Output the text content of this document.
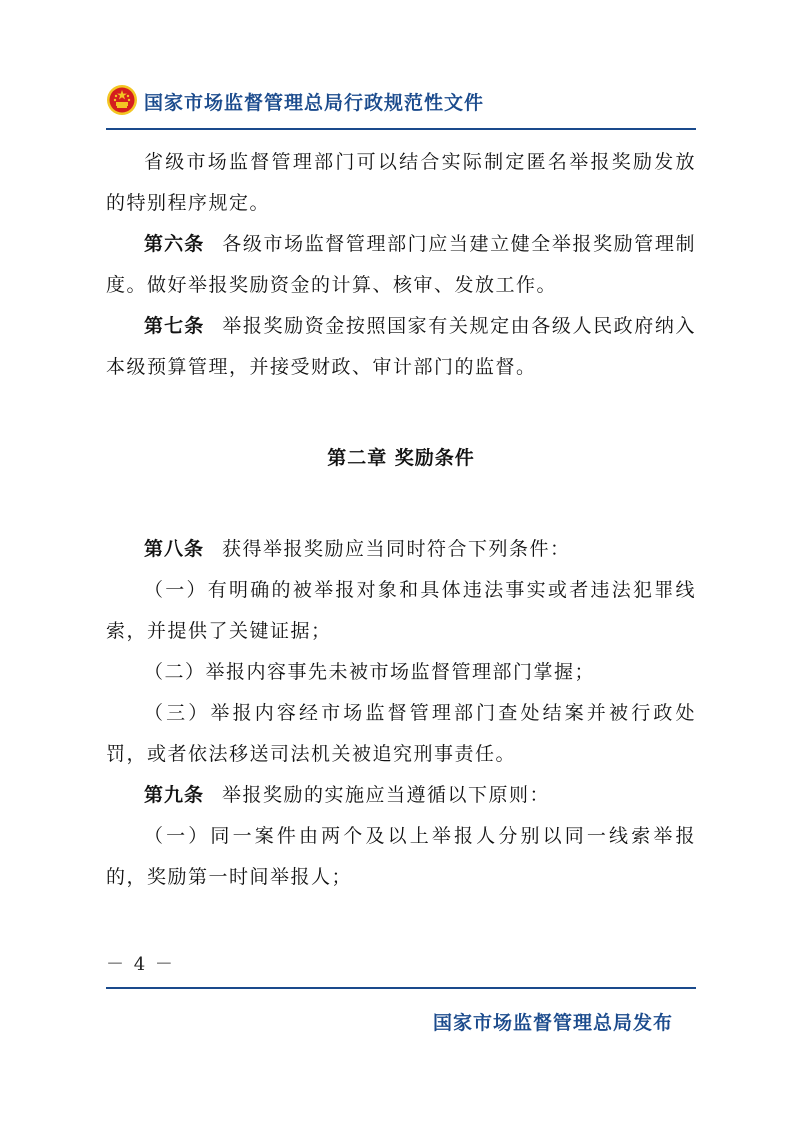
国家市场监督管理总局行政规范性文件

省级市场监督管理部门可以结合实际制定匿名举报奖励发放的特别程序规定。

第六条 各级市场监督管理部门应当建立健全举报奖励管理制度。做好举报奖励资金的计算、核审、发放工作。

第七条 举报奖励资金按照国家有关规定由各级人民政府纳入本级预算管理，并接受财政、审计部门的监督。

第二章 奖励条件

第八条 获得举报奖励应当同时符合下列条件：

（一）有明确的被举报对象和具体违法事实或者违法犯罪线索，并提供了关键证据；

（二）举报内容事先未被市场监督管理部门掌握；

（三）举报内容经市场监督管理部门查处结案并被行政处罚，或者依法移送司法机关被追究刑事责任。

第九条 举报奖励的实施应当遵循以下原则：

（一）同一案件由两个及以上举报人分别以同一线索举报的，奖励第一时间举报人；

－ 4 －
国家市场监督管理总局发布
